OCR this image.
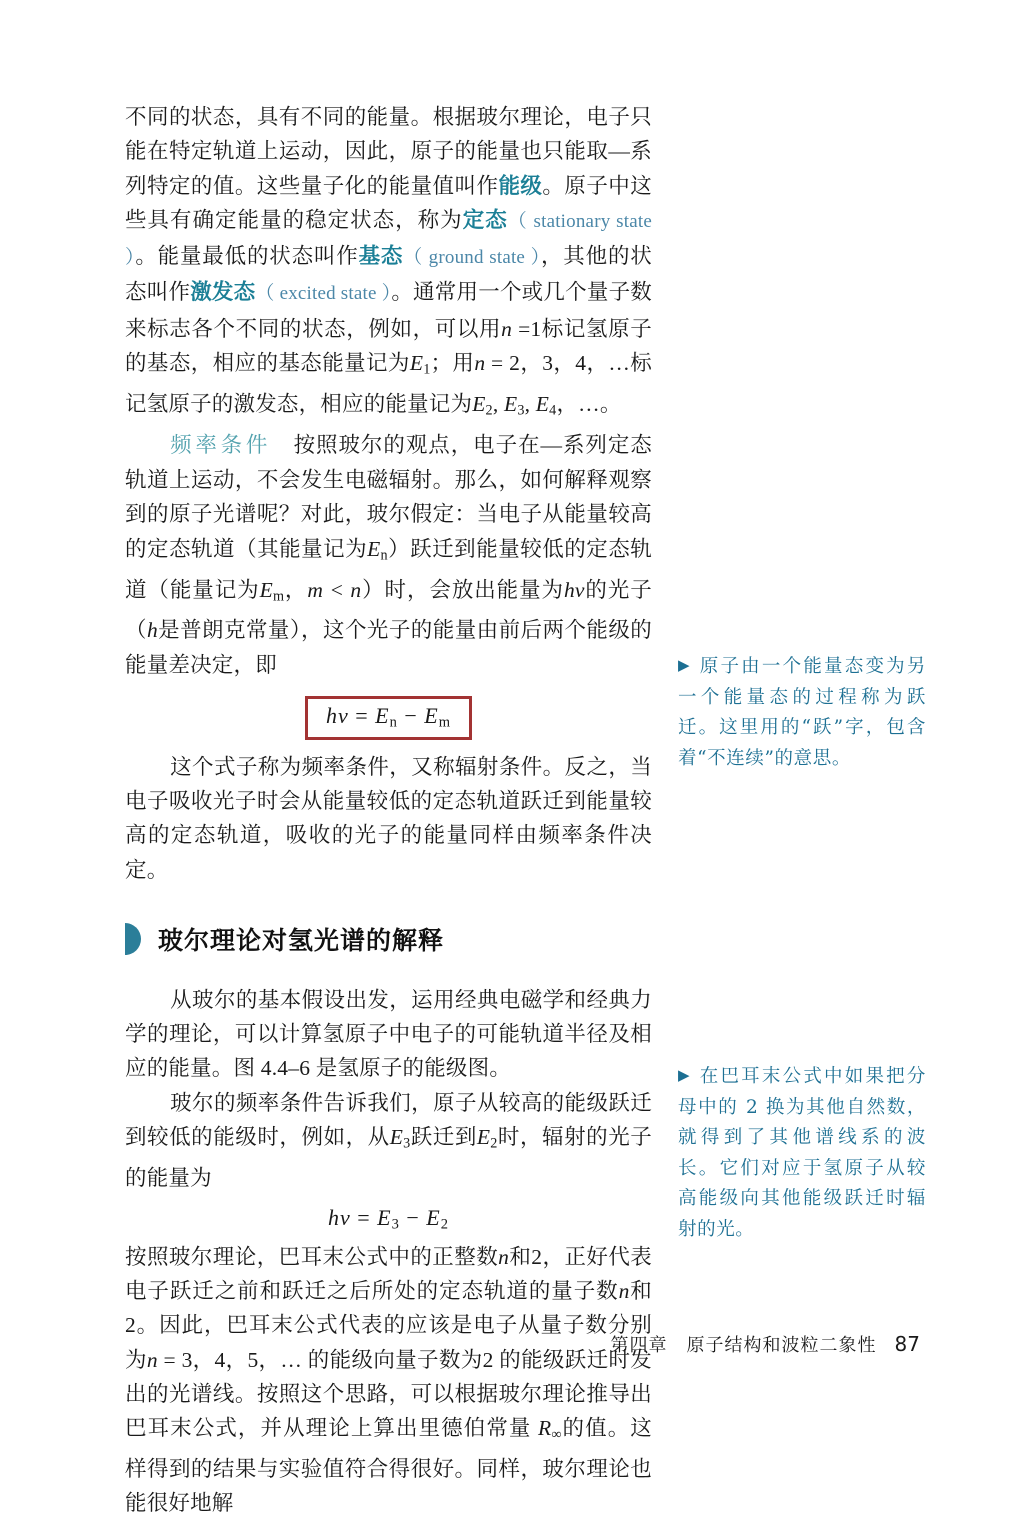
不同的状态，具有不同的能量。根据玻尔理论，电子只能在特定轨道上运动，因此，原子的能量也只能取—系列特定的值。这些量子化的能量值叫作能级。原子中这些具有确定能量的稳定状态，称为定态（ stationary state ）。能量最低的状态叫作基态（ ground state ），其他的状态叫作激发态（ excited state ）。通常用一个或几个量子数来标志各个不同的状态，例如，可以用n =1标记氢原子的基态，相应的基态能量记为$E_1$；用n = 2，3，4，…标记氢原子的激发态，相应的能量记为$E_2$, $E_3$, $E_4$，…。

频率条件　 按照玻尔的观点，电子在—系列定态轨道上运动，不会发生电磁辐射。那么，如何解释观察到的原子光谱呢？对此，玻尔假定：当电子从能量较高的定态轨道（其能量记为$E_n$）跃迁到能量较低的定态轨道（能量记为$E_m$，m < n）时，会放出能量为hν的光子（h是普朗克常量），这个光子的能量由前后两个能级的能量差决定，即

$h\nu = E_n - E_m$

这个式子称为频率条件，又称辐射条件。反之，当电子吸收光子时会从能量较低的定态轨道跃迁到能量较高的定态轨道，吸收的光子的能量同样由频率条件决定。

玻尔理论对氢光谱的解释

从玻尔的基本假设出发，运用经典电磁学和经典力学的理论，可以计算氢原子中电子的可能轨道半径及相应的能量。图 4.4–6 是氢原子的能级图。

玻尔的频率条件告诉我们，原子从较高的能级跃迁到较低的能级时，例如，从$E_3$跃迁到$E_2$时，辐射的光子的能量为

$h\nu = E_3 - E_2$

按照玻尔理论，巴耳末公式中的正整数n和2，正好代表电子跃迁之前和跃迁之后所处的定态轨道的量子数n和2。因此，巴耳末公式代表的应该是电子从量子数分别为n = 3，4，5，… 的能级向量子数为2 的能级跃迁时发出的光谱线。按照这个思路，可以根据玻尔理论推导出巴耳末公式，并从理论上算出里德伯常量 $R_\infty$的值。这样得到的结果与实验值符合得很好。同样，玻尔理论也能很好地解

▶ 原子由一个能量态变为另一个能量态的过程称为跃迁。这里用的“跃”字，包含着“不连续”的意思。
▶ 在巴耳末公式中如果把分母中的 2 换为其他自然数，就得到了其他谱线系的波长。它们对应于氢原子从较高能级向其他能级跃迁时辐射的光。
第四章　原子结构和波粒二象性 87
